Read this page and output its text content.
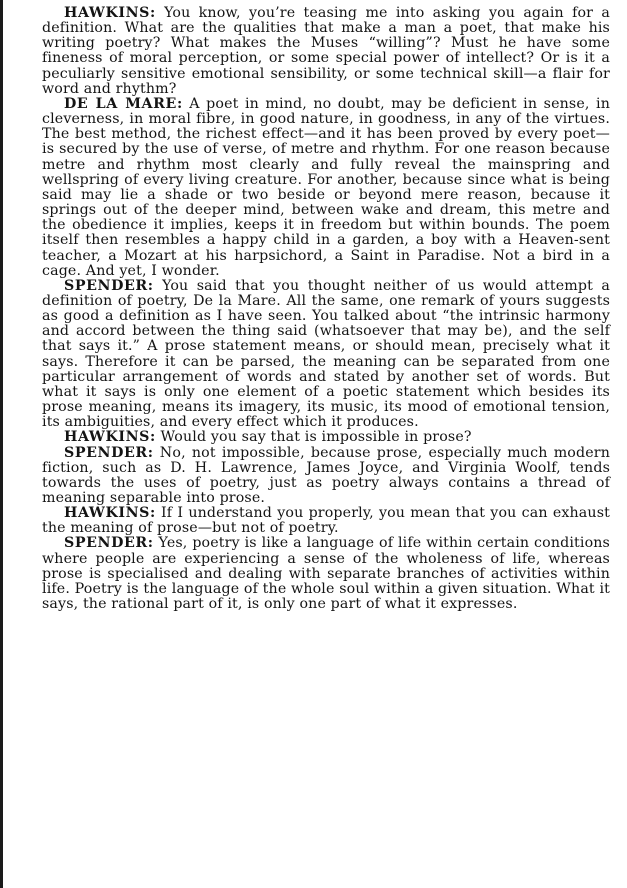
HAWKINS: You know, you’re teasing me into asking you again for a definition. What are the qualities that make a man a poet, that make his writing poetry? What makes the Muses “willing”? Must he have some fineness of moral perception, or some special power of intellect? Or is it a peculiarly sensitive emotional sensibility, or some technical skill—a flair for word and rhythm?

DE LA MARE: A poet in mind, no doubt, may be deficient in sense, in cleverness, in moral fibre, in good nature, in goodness, in any of the virtues. The best method, the richest effect—and it has been proved by every poet—is secured by the use of verse, of metre and rhythm. For one reason because metre and rhythm most clearly and fully reveal the mainspring and wellspring of every living creature. For another, because since what is being said may lie a shade or two beside or beyond mere reason, because it springs out of the deeper mind, between wake and dream, this metre and the obedience it implies, keeps it in freedom but within bounds. The poem itself then resembles a happy child in a garden, a boy with a Heaven-sent teacher, a Mozart at his harpsichord, a Saint in Paradise. Not a bird in a cage. And yet, I wonder.

SPENDER: You said that you thought neither of us would attempt a definition of poetry, De la Mare. All the same, one remark of yours suggests as good a definition as I have seen. You talked about “the intrinsic harmony and accord between the thing said (whatsoever that may be), and the self that says it.” A prose statement means, or should mean, precisely what it says. Therefore it can be parsed, the meaning can be separated from one particular arrangement of words and stated by another set of words. But what it says is only one element of a poetic statement which besides its prose meaning, means its imagery, its music, its mood of emotional tension, its ambiguities, and every effect which it produces.

HAWKINS: Would you say that is impossible in prose?

SPENDER: No, not impossible, because prose, especially much modern fiction, such as D. H. Lawrence, James Joyce, and Virginia Woolf, tends towards the uses of poetry, just as poetry always contains a thread of meaning separable into prose.

HAWKINS: If I understand you properly, you mean that you can exhaust the meaning of prose—but not of poetry.

SPENDER: Yes, poetry is like a language of life within certain conditions where people are experiencing a sense of the wholeness of life, whereas prose is specialised and dealing with separate branches of activities within life. Poetry is the language of the whole soul within a given situation. What it says, the rational part of it, is only one part of what it expresses.
